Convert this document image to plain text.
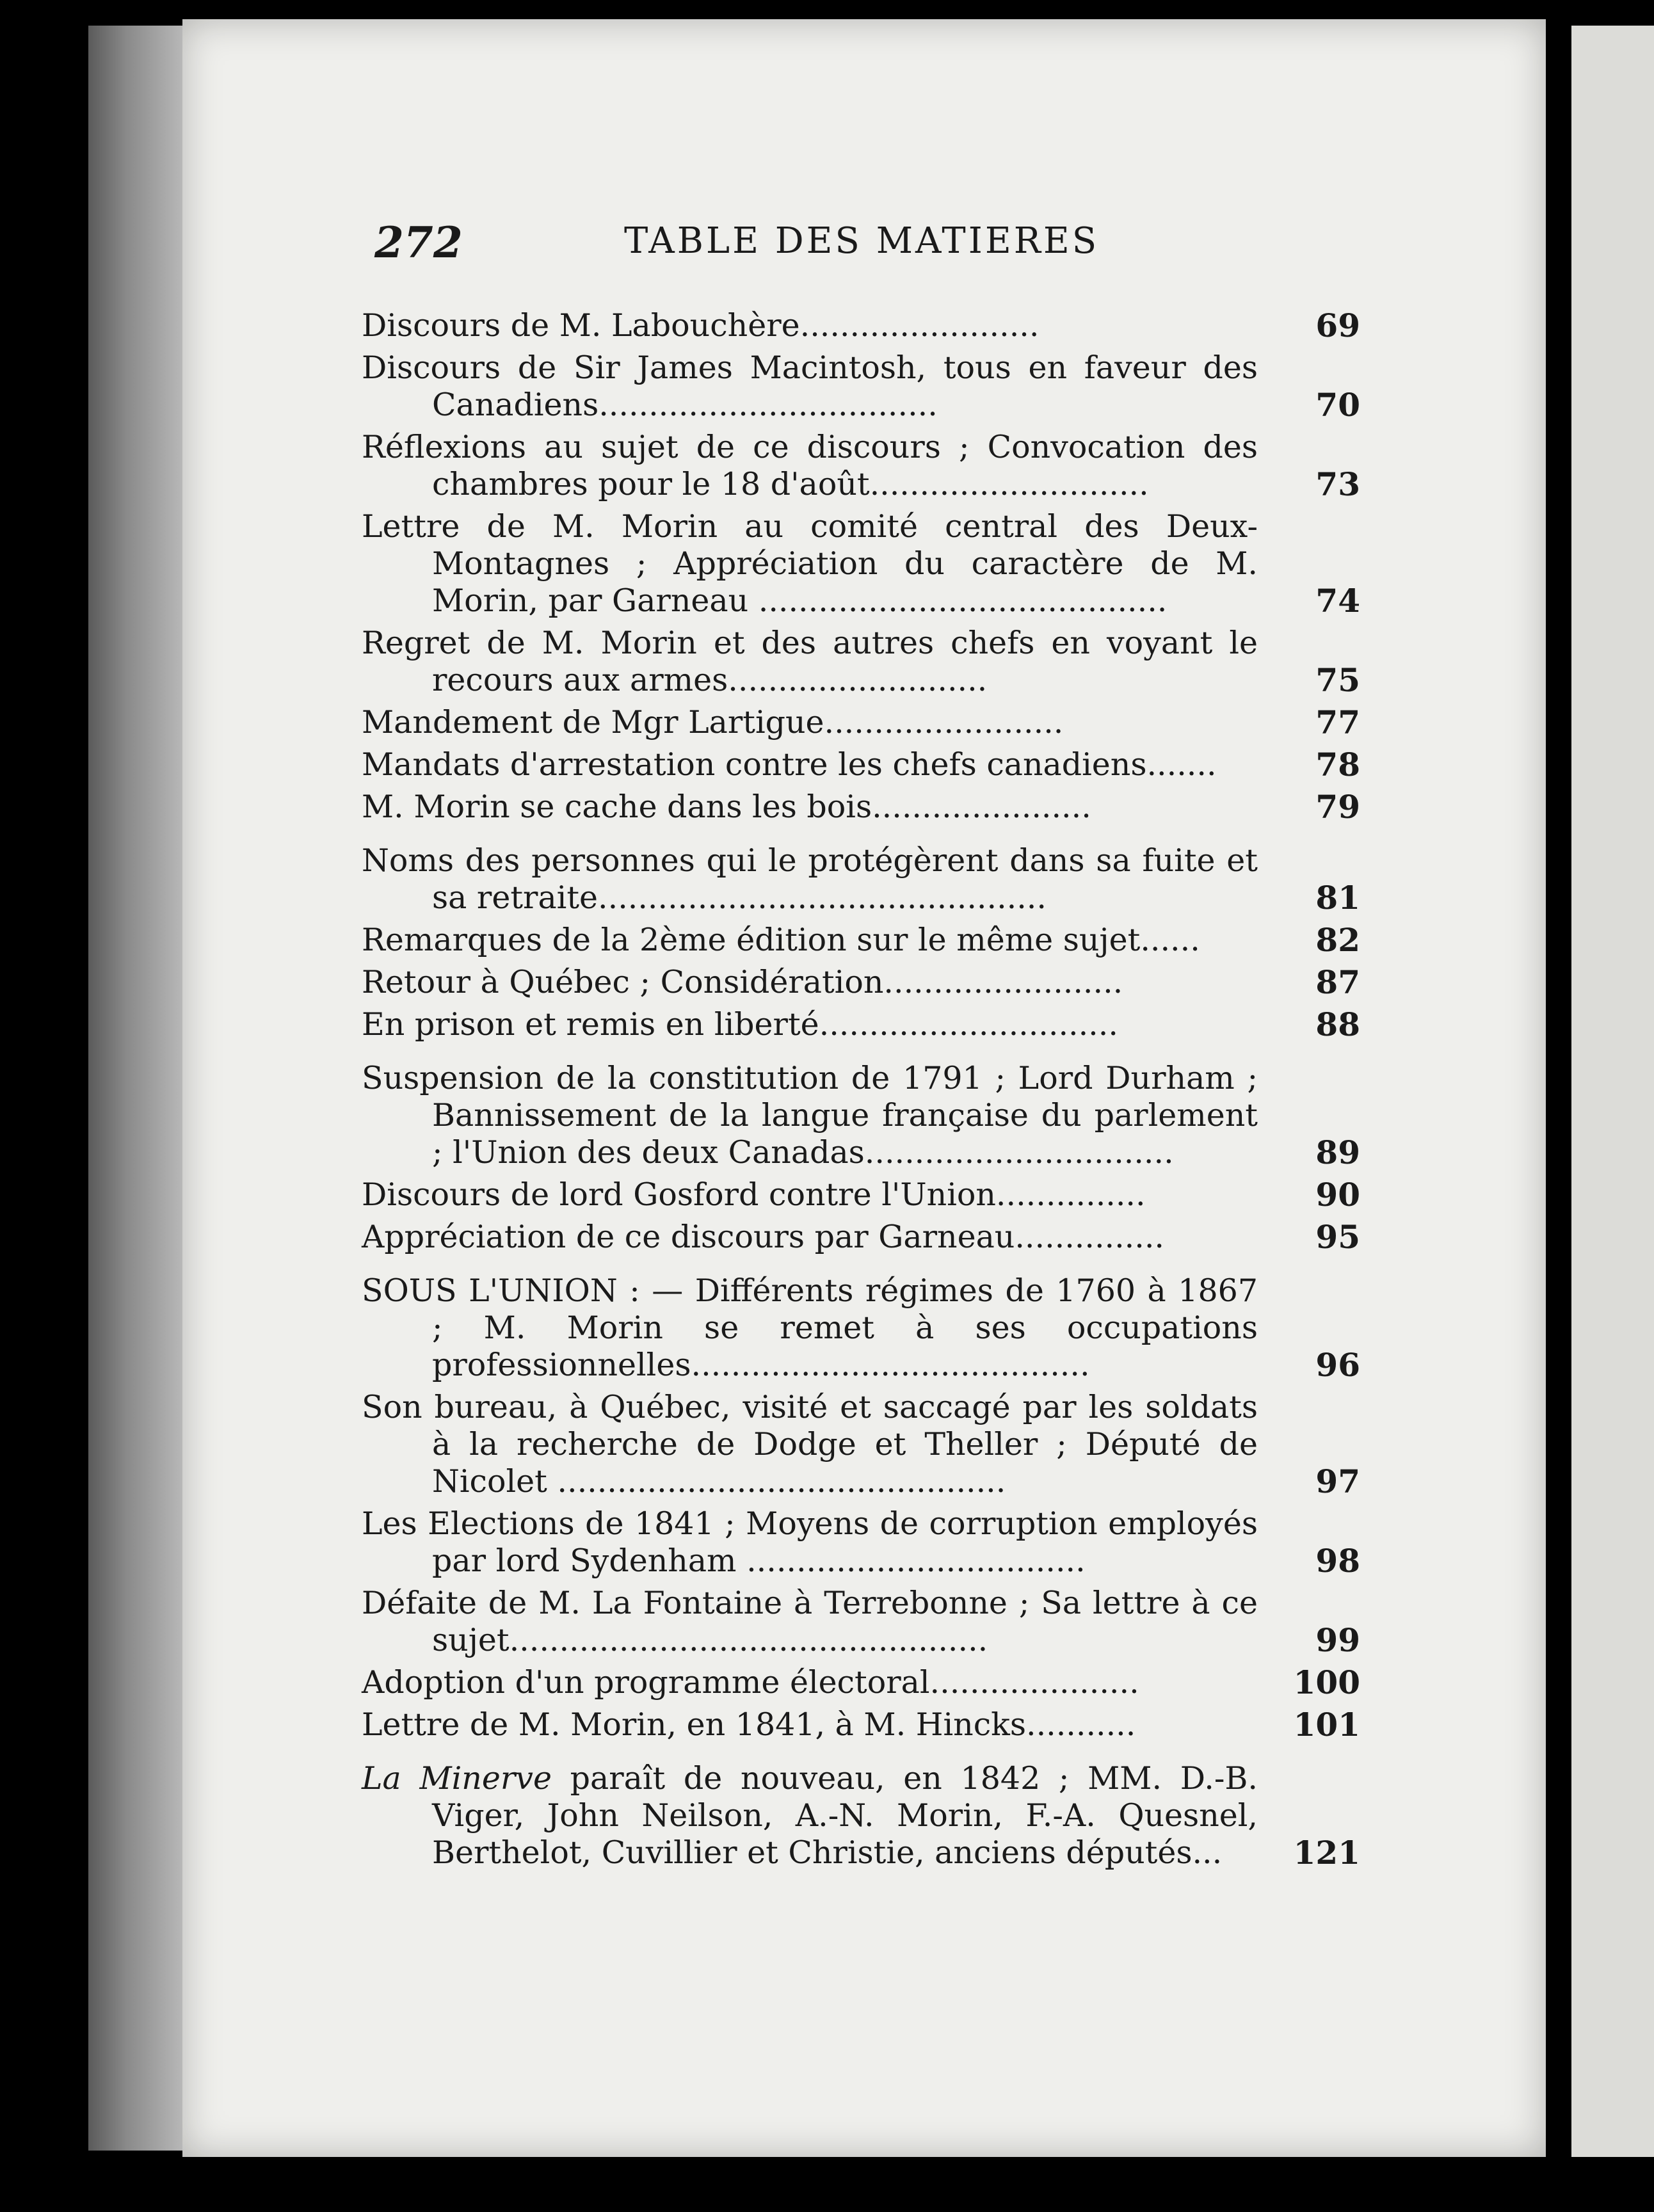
272	TABLE DES MATIERES
Discours de M. Labouchère........................	69
Discours de Sir James Macintosh, tous en faveur des Canadiens..................................	70
Réflexions au sujet de ce discours ; Convocation des chambres pour le 18 d'août............................	73
Lettre de M. Morin au comité central des Deux-Montagnes ; Appréciation du caractère de M. Morin, par Garneau .........................................	74
Regret de M. Morin et des autres chefs en voyant le recours aux armes..........................	75
Mandement de Mgr Lartigue........................	77
Mandats d'arrestation contre les chefs canadiens.......	78
M. Morin se cache dans les bois......................	79
Noms des personnes qui le protégèrent dans sa fuite et sa retraite.............................................	81
Remarques de la 2ème édition sur le même sujet......	82
Retour à Québec ; Considération........................	87
En prison et remis en liberté..............................	88
Suspension de la constitution de 1791 ; Lord Durham ; Bannissement de la langue française du parlement ; l'Union des deux Canadas...............................	89
Discours de lord Gosford contre l'Union...............	90
Appréciation de ce discours par Garneau...............	95
SOUS L'UNION : — Différents régimes de 1760 à 1867 ; M. Morin se remet à ses occupations professionnelles........................................	96
Son bureau, à Québec, visité et saccagé par les soldats à la recherche de Dodge et Theller ; Député de Nicolet .............................................	97
Les Elections de 1841 ; Moyens de corruption employés par lord Sydenham ..................................	98
Défaite de M. La Fontaine à Terrebonne ; Sa lettre à ce sujet................................................	99
Adoption d'un programme électoral.....................	100
Lettre de M. Morin, en 1841, à M. Hincks...........	101
La Minerve paraît de nouveau, en 1842 ; MM. D.-B. Viger, John Neilson, A.-N. Morin, F.-A. Quesnel, Berthelot, Cuvillier et Christie, anciens députés...	121
